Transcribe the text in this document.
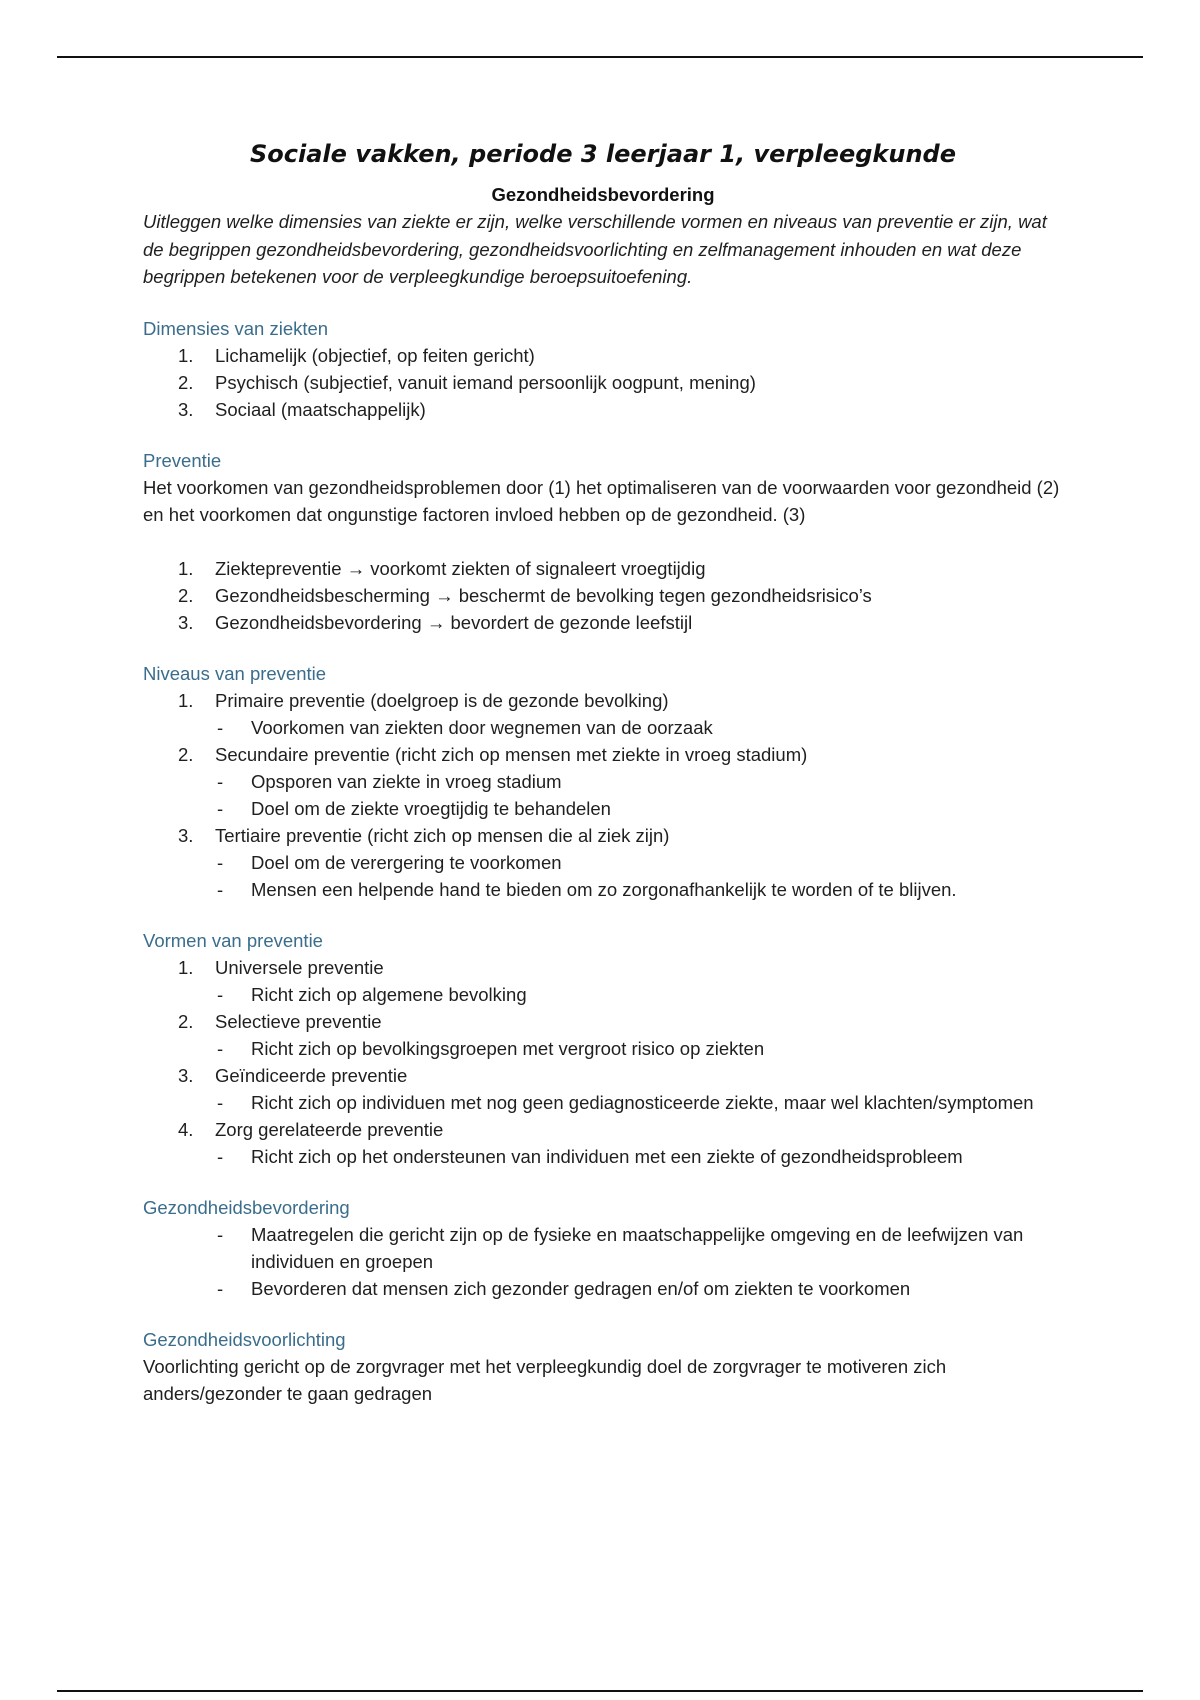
Sociale vakken, periode 3 leerjaar 1, verpleegkunde
Gezondheidsbevordering

Uitleggen welke dimensies van ziekte er zijn, welke verschillende vormen en niveaus van preventie er zijn, wat de begrippen gezondheidsbevordering, gezondheidsvoorlichting en zelfmanagement inhouden en wat deze begrippen betekenen voor de verpleegkundige beroepsuitoefening.

Dimensies van ziekten
1. Lichamelijk (objectief, op feiten gericht)
2. Psychisch (subjectief, vanuit iemand persoonlijk oogpunt, mening)
3. Sociaal (maatschappelijk)
Preventie

Het voorkomen van gezondheidsproblemen door (1) het optimaliseren van de voorwaarden voor gezondheid (2) en het voorkomen dat ongunstige factoren invloed hebben op de gezondheid. (3)

1. Ziektepreventie → voorkomt ziekten of signaleert vroegtijdig
2. Gezondheidsbescherming → beschermt de bevolking tegen gezondheidsrisico’s
3. Gezondheidsbevordering → bevordert de gezonde leefstijl
Niveaus van preventie
1. Primaire preventie (doelgroep is de gezonde bevolking)
- Voorkomen van ziekten door wegnemen van de oorzaak
2. Secundaire preventie (richt zich op mensen met ziekte in vroeg stadium)
- Opsporen van ziekte in vroeg stadium
- Doel om de ziekte vroegtijdig te behandelen
3. Tertiaire preventie (richt zich op mensen die al ziek zijn)
- Doel om de verergering te voorkomen
- Mensen een helpende hand te bieden om zo zorgonafhankelijk te worden of te blijven.
Vormen van preventie
1. Universele preventie
- Richt zich op algemene bevolking
2. Selectieve preventie
- Richt zich op bevolkingsgroepen met vergroot risico op ziekten
3. Geïndiceerde preventie
- Richt zich op individuen met nog geen gediagnosticeerde ziekte, maar wel klachten/symptomen
4. Zorg gerelateerde preventie
- Richt zich op het ondersteunen van individuen met een ziekte of gezondheidsprobleem
Gezondheidsbevordering
- Maatregelen die gericht zijn op de fysieke en maatschappelijke omgeving en de leefwijzen van individuen en groepen
- Bevorderen dat mensen zich gezonder gedragen en/of om ziekten te voorkomen
Gezondheidsvoorlichting

Voorlichting gericht op de zorgvrager met het verpleegkundig doel de zorgvrager te motiveren zich anders/gezonder te gaan gedragen
